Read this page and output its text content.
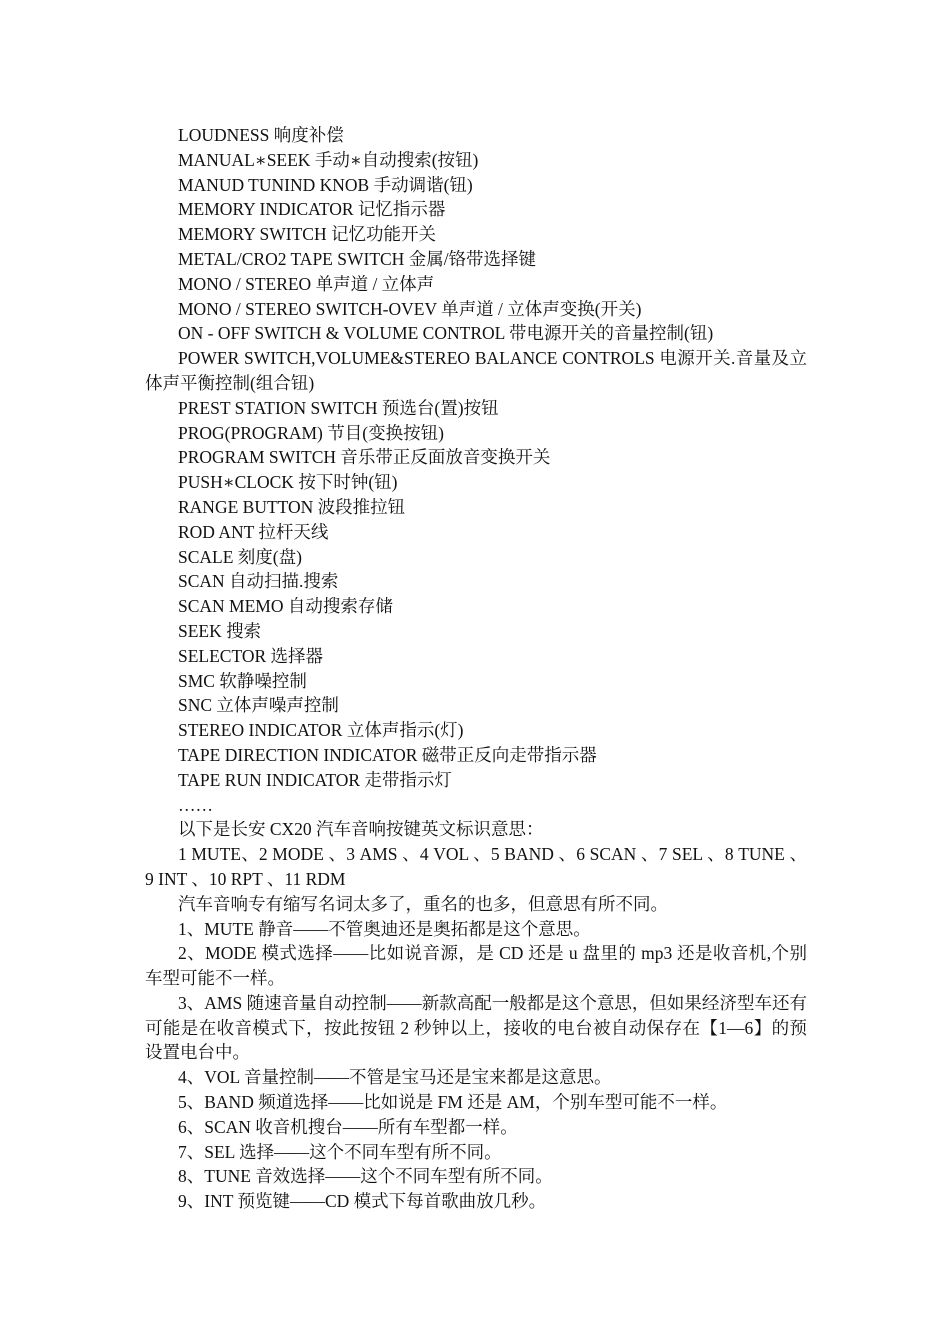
LOUDNESS 响度补偿

MANUAL∗SEEK 手动∗自动搜索(按钮)

MANUD TUNIND KNOB 手动调谐(钮)

MEMORY INDICATOR 记忆指示器

MEMORY SWITCH 记忆功能开关

METAL/CRO2 TAPE SWITCH 金属/铬带选择键

MONO / STEREO 单声道 / 立体声

MONO / STEREO SWITCH-OVEV 单声道 / 立体声变换(开关)

ON - OFF SWITCH & VOLUME CONTROL 带电源开关的音量控制(钮)

POWER SWITCH,VOLUME&STEREO BALANCE CONTROLS 电源开关.音量及立体声平衡控制(组合钮)

PREST STATION SWITCH 预选台(置)按钮

PROG(PROGRAM) 节目(变换按钮)

PROGRAM SWITCH 音乐带正反面放音变换开关

PUSH∗CLOCK 按下时钟(钮)

RANGE BUTTON 波段推拉钮

ROD ANT 拉杆天线

SCALE 刻度(盘)

SCAN 自动扫描.搜索

SCAN MEMO 自动搜索存储

SEEK 搜索

SELECTOR 选择器

SMC 软静噪控制

SNC 立体声噪声控制

STEREO INDICATOR 立体声指示(灯)

TAPE DIRECTION INDICATOR 磁带正反向走带指示器

TAPE RUN INDICATOR 走带指示灯

……

以下是长安 CX20 汽车音响按键英文标识意思：

1 MUTE、2 MODE 、3 AMS 、4 VOL 、5 BAND 、6 SCAN 、7 SEL 、8 TUNE 、9 INT 、10 RPT 、11 RDM

汽车音响专有缩写名词太多了，重名的也多，但意思有所不同。

1、MUTE 静音——不管奥迪还是奥拓都是这个意思。

2、MODE 模式选择——比如说音源，是 CD 还是 u 盘里的 mp3 还是收音机,个别车型可能不一样。

3、AMS 随速音量自动控制——新款高配一般都是这个意思，但如果经济型车还有可能是在收音模式下，按此按钮 2 秒钟以上，接收的电台被自动保存在【1—6】的预设置电台中。

4、VOL 音量控制——不管是宝马还是宝来都是这意思。

5、BAND 频道选择——比如说是 FM 还是 AM，个别车型可能不一样。

6、SCAN 收音机搜台——所有车型都一样。

7、SEL 选择——这个不同车型有所不同。

8、TUNE 音效选择——这个不同车型有所不同。

9、INT 预览键——CD 模式下每首歌曲放几秒。
